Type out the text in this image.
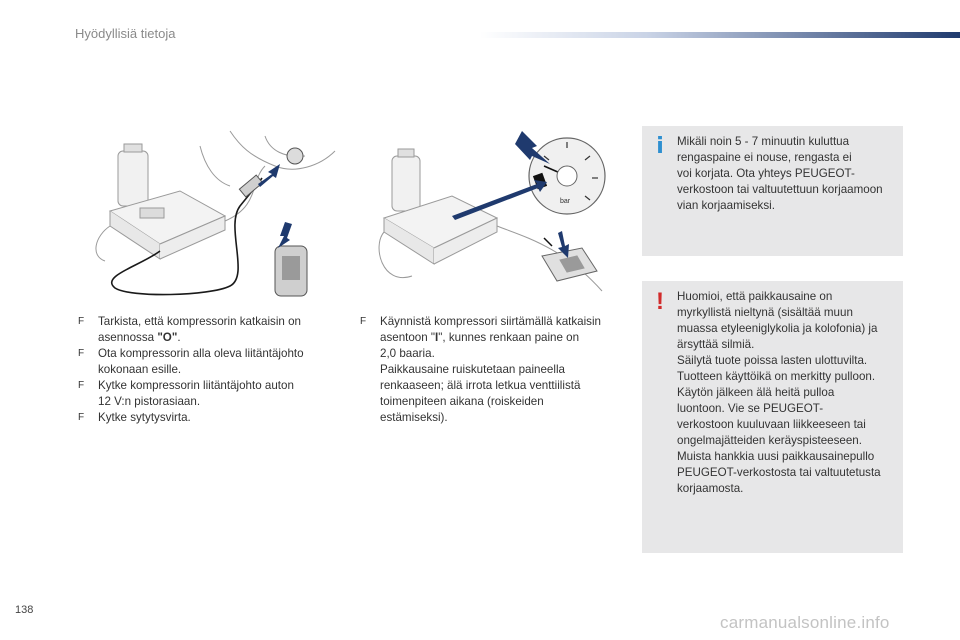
Hyödyllisiä tietoja
bar
F Tarkista, että kompressorin katkaisin on
asennossa "O".
F Ota kompressorin alla oleva liitäntäjohto
kokonaan esille.
F Kytke kompressorin liitäntäjohto auton
12 V:n pistorasiaan.
F Kytke sytytysvirta.
F Käynnistä kompressori siirtämällä katkaisin
asentoon "I", kunnes renkaan paine on
2,0 baaria.
Paikkausaine ruiskutetaan paineella
renkaaseen; älä irrota letkua venttiilistä
toimenpiteen aikana (roiskeiden
estämiseksi).
i	Mikäli noin 5 - 7 minuutin kuluttua
rengaspaine ei nouse, rengasta ei
voi korjata. Ota yhteys PEUGEOT-
verkostoon tai valtuutettuun korjaamoon
vian korjaamiseksi.
!	Huomioi, että paikkausaine on
myrkyllistä nieltynä (sisältää muun
muassa etyleeniglykolia ja kolofonia) ja
ärsyttää silmiä.
Säilytä tuote poissa lasten ulottuvilta.
Tuotteen käyttöikä on merkitty pulloon.
Käytön jälkeen älä heitä pulloa
luontoon. Vie se PEUGEOT-
verkostoon kuuluvaan liikkeeseen tai
ongelmajätteiden keräyspisteeseen.
Muista hankkia uusi paikkausainepullo
PEUGEOT-verkostosta tai valtuutetusta
korjaamosta.
138
carmanualsonline.info
